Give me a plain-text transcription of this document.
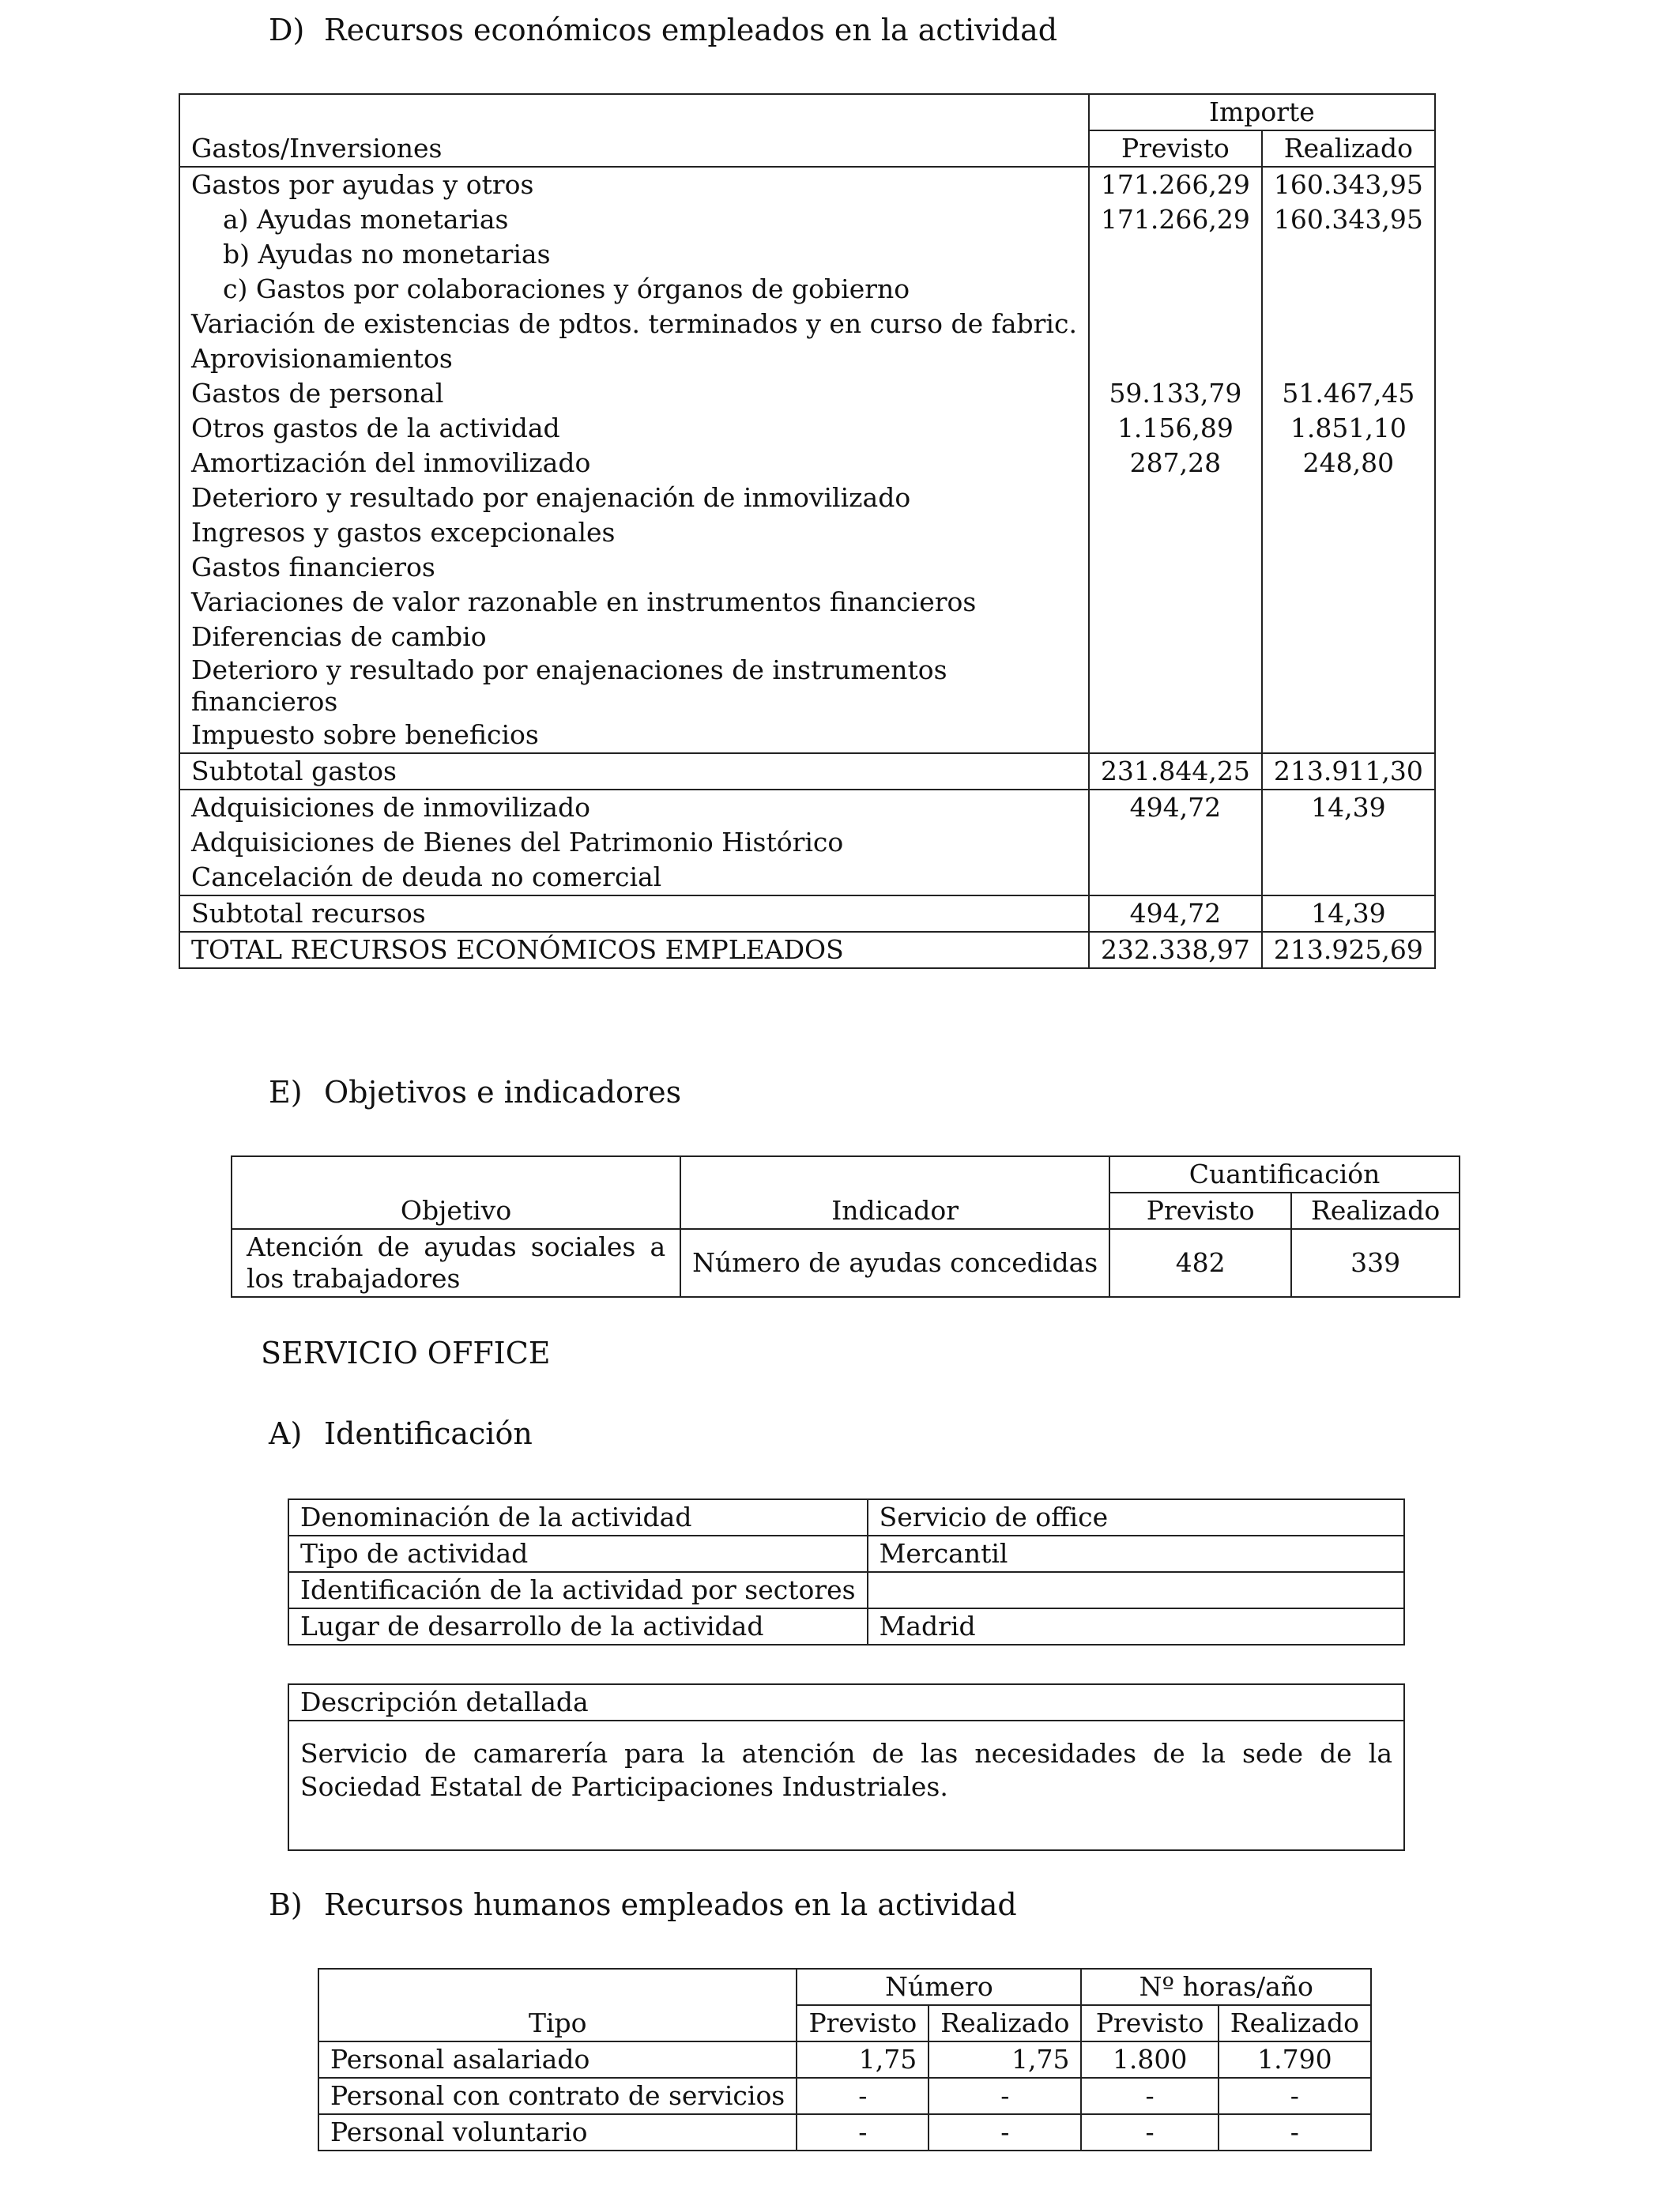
D) Recursos económicos empleados en la actividad
Gastos/Inversiones	Importe	
	Previsto	Realizado
Gastos por ayudas y otros	171.266,29	160.343,95
a) Ayudas monetarias	171.266,29	160.343,95
b) Ayudas no monetarias		
c) Gastos por colaboraciones y órganos de gobierno		
Variación de existencias de pdtos. terminados y en curso de fabric.		
Aprovisionamientos		
Gastos de personal	59.133,79	51.467,45
Otros gastos de la actividad	1.156,89	1.851,10
Amortización del inmovilizado	287,28	248,80
Deterioro y resultado por enajenación de inmovilizado		
Ingresos y gastos excepcionales		
Gastos financieros		
Variaciones de valor razonable en instrumentos financieros		
Diferencias de cambio		
Deterioro y resultado por enajenaciones de instrumentos financieros		
Impuesto sobre beneficios		
Subtotal gastos	231.844,25	213.911,30
Adquisiciones de inmovilizado	494,72	14,39
Adquisiciones de Bienes del Patrimonio Histórico		
Cancelación de deuda no comercial		
Subtotal recursos	494,72	14,39
TOTAL RECURSOS ECONÓMICOS EMPLEADOS	232.338,97	213.925,69
E) Objetivos e indicadores
Objetivo	Indicador	Cuantificación	
		Previsto	Realizado
Atención de ayudas sociales a los trabajadores	Número de ayudas concedidas	482	339
SERVICIO OFFICE
A) Identificación
Denominación de la actividad	Servicio de office
Tipo de actividad	Mercantil
Identificación de la actividad por sectores	
Lugar de desarrollo de la actividad	Madrid
Descripción detallada
Servicio de camarería para la atención de las necesidades de la sede de la Sociedad Estatal de Participaciones Industriales.
B) Recursos humanos empleados en la actividad
Tipo	Número		Nº horas/año	
	Previsto	Realizado	Previsto	Realizado
Personal asalariado	1,75	1,75	1.800	1.790
Personal con contrato de servicios	-	-	-	-
Personal voluntario	-	-	-	-
